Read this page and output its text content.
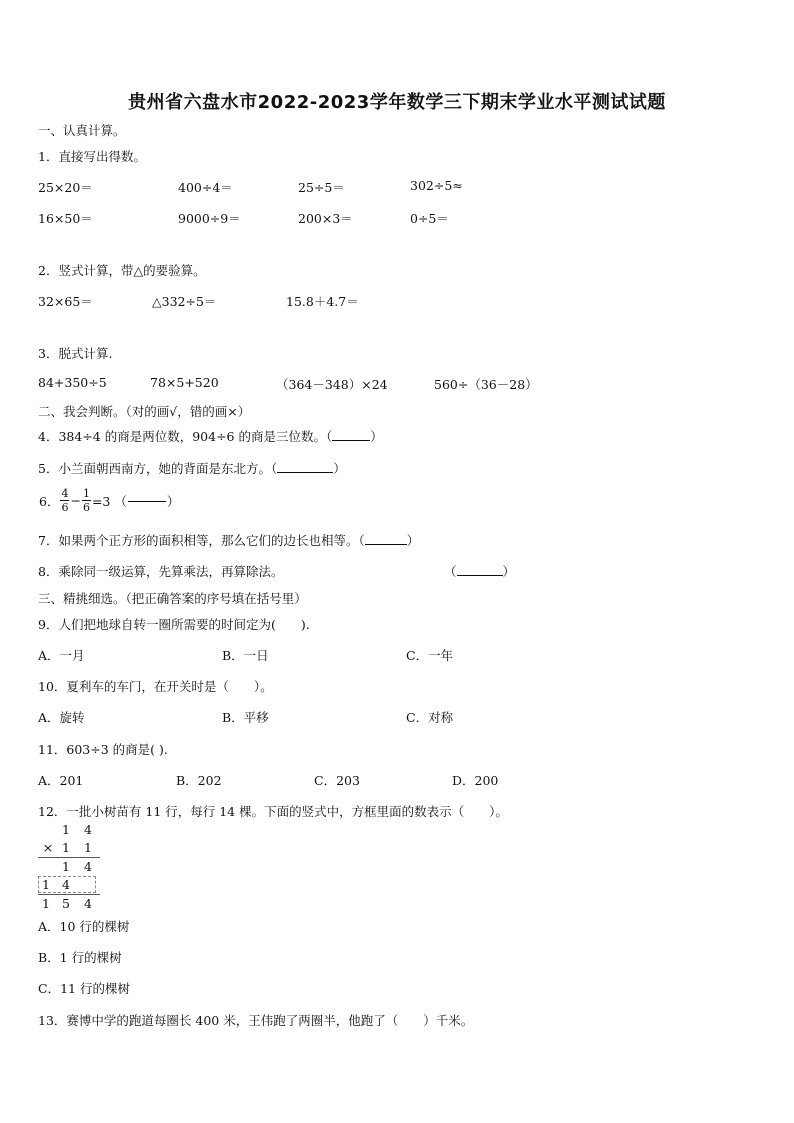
贵州省六盘水市2022-2023学年数学三下期末学业水平测试试题
一、认真计算。
1．直接写出得数。
25×20＝	400÷4＝	25÷5＝	302÷5≈
16×50＝	9000÷9＝	200×3＝	0÷5＝
2．竖式计算，带△的要验算。
32×65＝	△332÷5＝	15.8＋4.7＝
3．脱式计算.
84+350÷5	78×5+520	（364－348）×24	560÷（36－28）
二、我会判断。（对的画√，错的画×）
4．384÷4 的商是两位数，904÷6 的商是三位数。（	）
5．小兰面朝西南方，她的背面是东北方。（	）
6． $\frac{4}{6} - \frac{1}{6} =3$ （	）
7．如果两个正方形的面积相等，那么它们的边长也相等。（	）
8．乘除同一级运算，先算乘法，再算除法。	（	）
三、精挑细选。（把正确答案的序号填在括号里）
9．人们把地球自转一圈所需要的时间定为(　　).
A．一月	B．一日	C．一年
10．夏利车的车门，在开关时是（　　）。
A．旋转	B．平移	C．对称
11．603÷3 的商是( ).
A．201	B．202	C．203	D．200
12．一批小树苗有 11 行，每行 14 棵。下面的竖式中，方框里面的数表示（　　）。
1 4
× 1 1
1 4
1 4
1 5 4
A．10 行的棵树
B．1 行的棵树
C．11 行的棵树
13．赛博中学的跑道每圈长 400 米，王伟跑了两圈半，他跑了（　　）千米。
